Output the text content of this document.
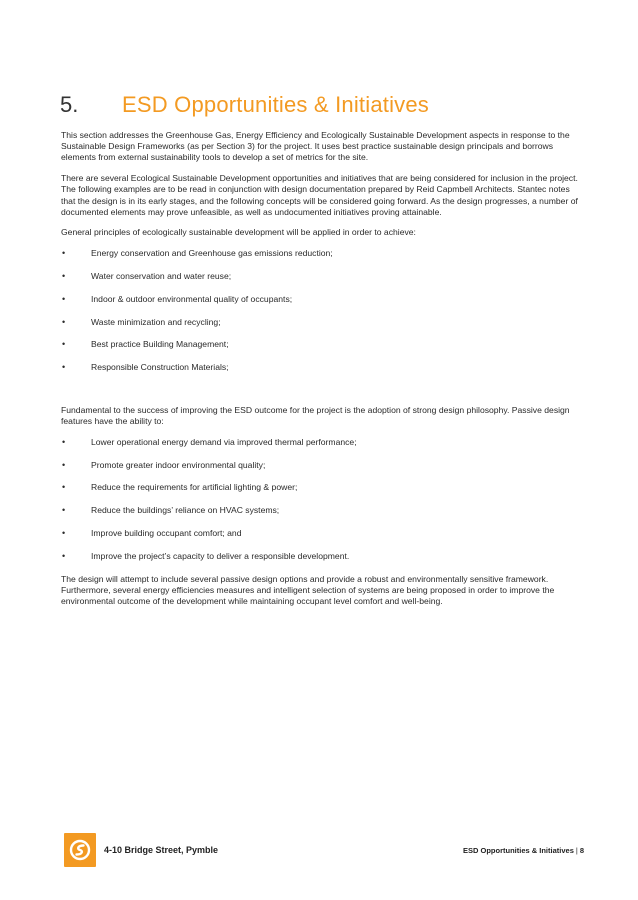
5. ESD Opportunities & Initiatives

This section addresses the Greenhouse Gas, Energy Efficiency and Ecologically Sustainable Development aspects in response to the Sustainable Design Frameworks (as per Section 3) for the project. It uses best practice sustainable design principals and borrows elements from external sustainability tools to develop a set of metrics for the site.

There are several Ecological Sustainable Development opportunities and initiatives that are being considered for inclusion in the project. The following examples are to be read in conjunction with design documentation prepared by Reid Capmbell Architects. Stantec notes that the design is in its early stages, and the following concepts will be considered going forward. As the design progresses, a number of documented elements may prove unfeasible, as well as undocumented initiatives proving attainable.

General principles of ecologically sustainable development will be applied in order to achieve:

•	Energy conservation and Greenhouse gas emissions reduction;
•	Water conservation and water reuse;
•	Indoor & outdoor environmental quality of occupants;
•	Waste minimization and recycling;
•	Best practice Building Management;
•	Responsible Construction Materials;

Fundamental to the success of improving the ESD outcome for the project is the adoption of strong design philosophy. Passive design features have the ability to:

•	Lower operational energy demand via improved thermal performance;
•	Promote greater indoor environmental quality;
•	Reduce the requirements for artificial lighting & power;
•	Reduce the buildings’ reliance on HVAC systems;
•	Improve building occupant comfort; and
•	Improve the project’s capacity to deliver a responsible development.

The design will attempt to include several passive design options and provide a robust and environmentally sensitive framework. Furthermore, several energy efficiencies measures and intelligent selection of systems are being proposed in order to improve the environmental outcome of the development while maintaining occupant level comfort and well-being.

4-10 Bridge Street, Pymble	ESD Opportunities & Initiatives | 8
